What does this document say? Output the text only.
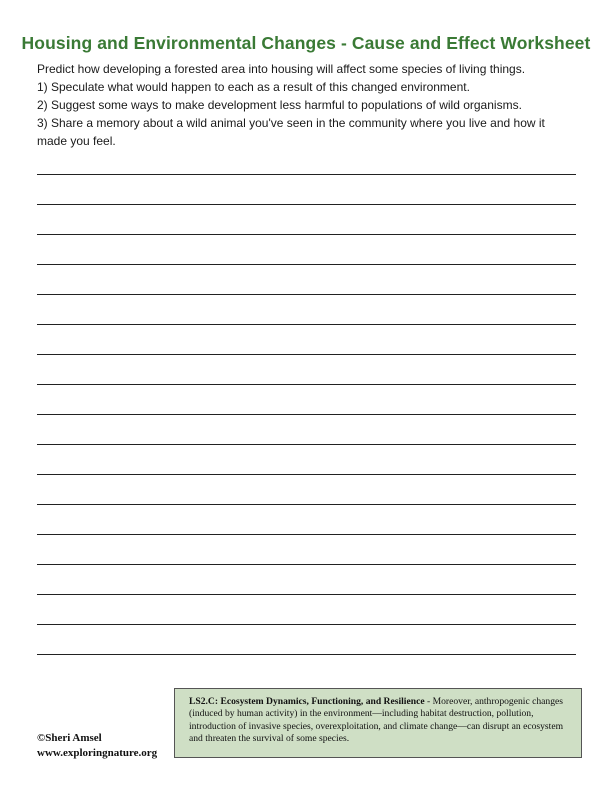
Housing and Environmental Changes - Cause and Effect Worksheet

Predict how developing a forested area into housing will affect some species of living things.

1) Speculate what would happen to each as a result of this changed environment.

2) Suggest some ways to make development less harmful to populations of wild organisms.

3) Share a memory about a wild animal you've seen in the community where you live and how it made you feel.

©Sheri Amsel
www.exploringnature.org
LS2.C: Ecosystem Dynamics, Functioning, and Resilience - Moreover, anthropogenic changes (induced by human activity) in the environment—including habitat destruction, pollution, introduction of invasive species, overexploitation, and climate change—can disrupt an ecosystem and threaten the survival of some species.
